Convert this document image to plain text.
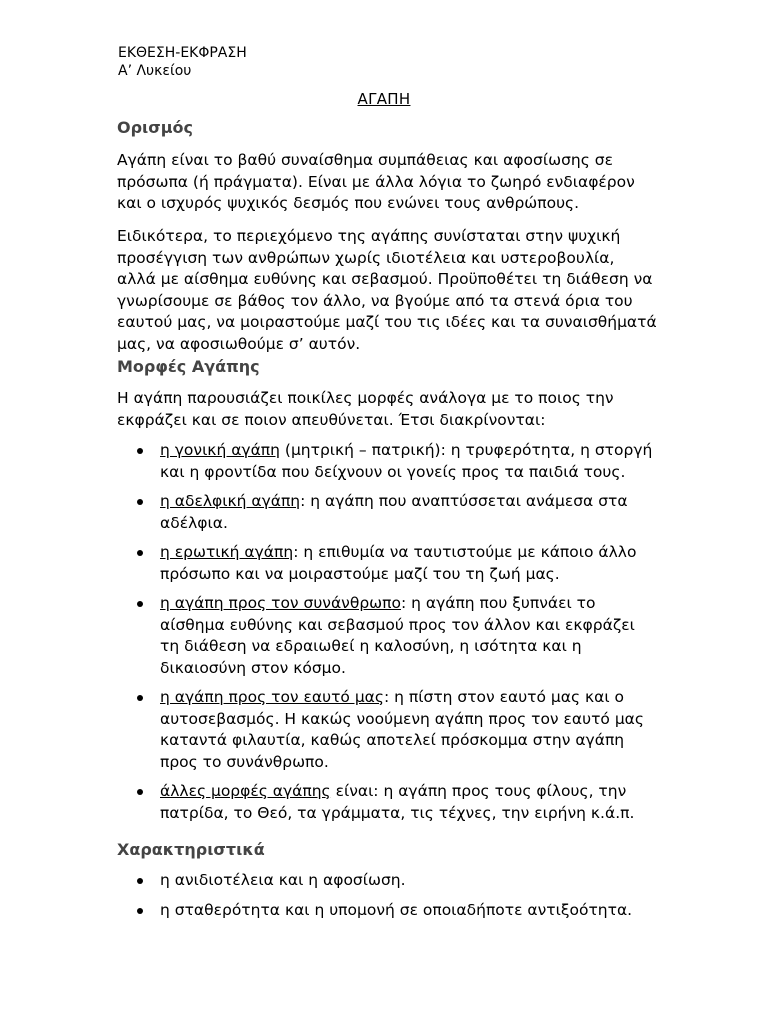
ΕΚΘΕΣΗ-ΕΚΦΡΑΣΗ
Α’ Λυκείου
ΑΓΑΠΗ
Ορισμός
Αγάπη είναι το βαθύ συναίσθημα συμπάθειας και αφοσίωσης σε πρόσωπα (ή πράγματα). Είναι με άλλα λόγια το ζωηρό ενδιαφέρον και ο ισχυρός ψυχικός δεσμός που ενώνει τους ανθρώπους.
Ειδικότερα, το περιεχόμενο της αγάπης συνίσταται στην ψυχική προσέγγιση των ανθρώπων χωρίς ιδιοτέλεια και υστεροβουλία, αλλά με αίσθημα ευθύνης και σεβασμού. Προϋποθέτει τη διάθεση να γνωρίσουμε σε βάθος τον άλλο, να βγούμε από τα στενά όρια του εαυτού μας, να μοιραστούμε μαζί του τις ιδέες και τα συναισθήματά μας, να αφοσιωθούμε σ’ αυτόν.
Μορφές Αγάπης
Η αγάπη παρουσιάζει ποικίλες μορφές ανάλογα με το ποιος την εκφράζει και σε ποιον απευθύνεται. Έτσι διακρίνονται:
η γονική αγάπη (μητρική – πατρική): η τρυφερότητα, η στοργή και η φροντίδα που δείχνουν οι γονείς προς τα παιδιά τους.
η αδελφική αγάπη: η αγάπη που αναπτύσσεται ανάμεσα στα αδέλφια.
η ερωτική αγάπη: η επιθυμία να ταυτιστούμε με κάποιο άλλο πρόσωπο και να μοιραστούμε μαζί του τη ζωή μας.
η αγάπη προς τον συνάνθρωπο: η αγάπη που ξυπνάει το αίσθημα ευθύνης και σεβασμού προς τον άλλον και εκφράζει τη διάθεση να εδραιωθεί η καλοσύνη, η ισότητα και η δικαιοσύνη στον κόσμο.
η αγάπη προς τον εαυτό μας: η πίστη στον εαυτό μας και ο αυτοσεβασμός. Η κακώς νοούμενη αγάπη προς τον εαυτό μας καταντά φιλαυτία, καθώς αποτελεί πρόσκομμα στην αγάπη προς το συνάνθρωπο.
άλλες μορφές αγάπης είναι: η αγάπη προς τους φίλους, την πατρίδα, το Θεό, τα γράμματα, τις τέχνες, την ειρήνη κ.ά.π.
Χαρακτηριστικά
η ανιδιοτέλεια και η αφοσίωση.
η σταθερότητα και η υπομονή σε οποιαδήποτε αντιξοότητα.
